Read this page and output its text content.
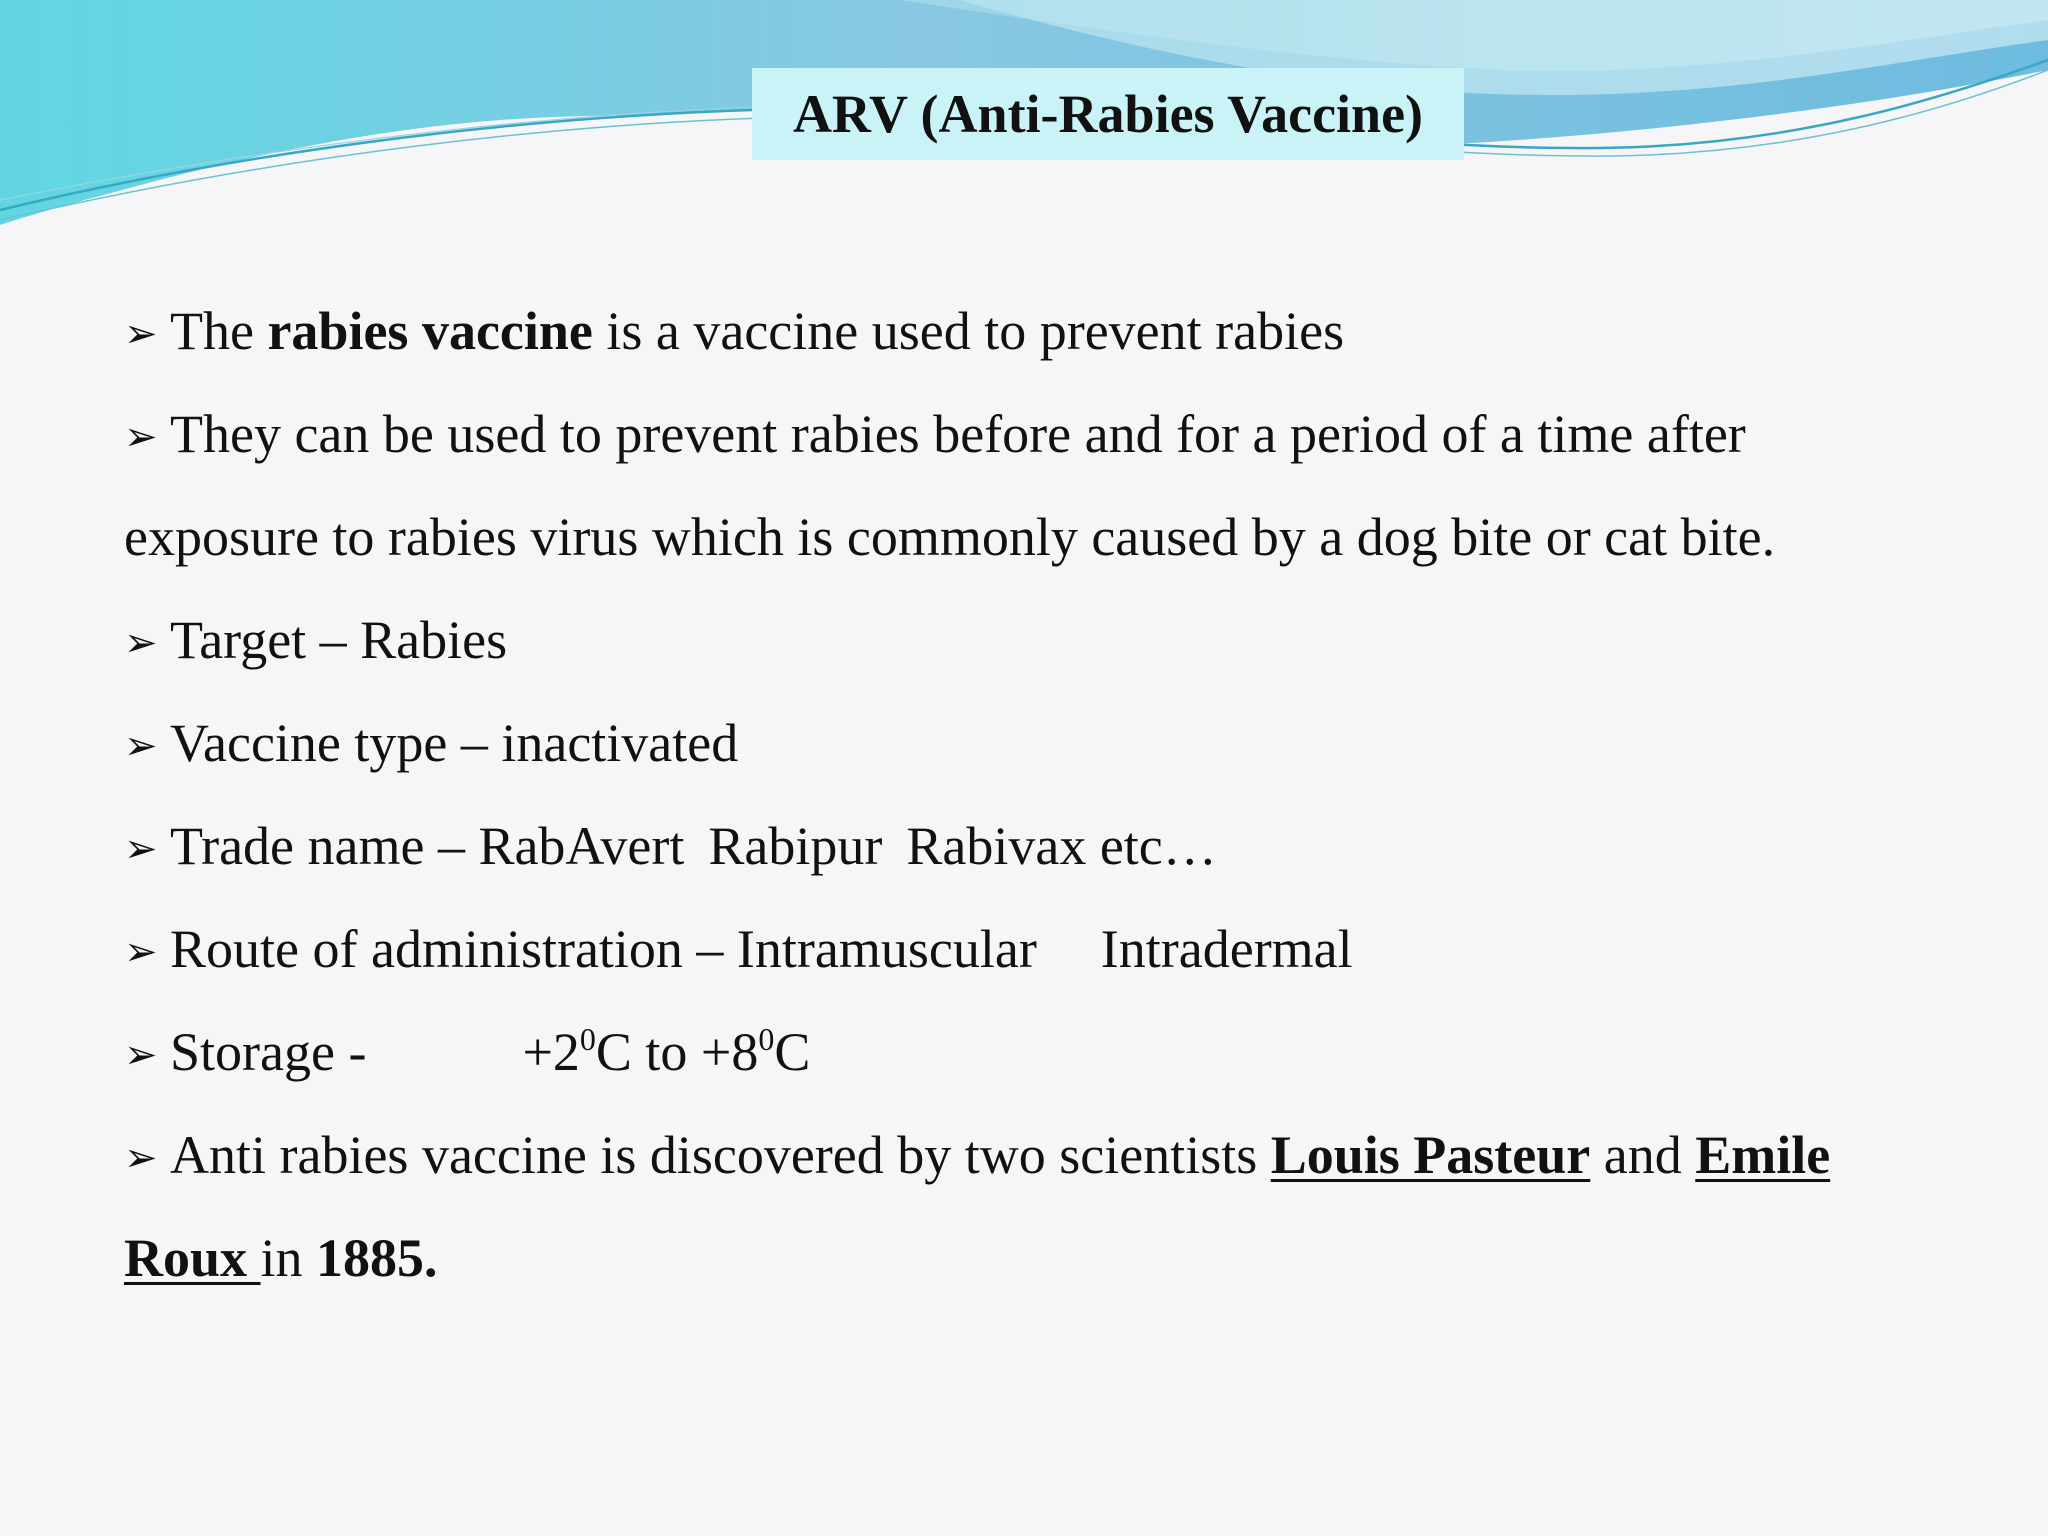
ARV (Anti-Rabies Vaccine)
➢ The rabies vaccine is a vaccine used to prevent rabies
➢ They can be used to prevent rabies before and for a period of a time after
exposure to rabies virus which is commonly caused by a dog bite or cat bite.
➢ Target – Rabies
➢ Vaccine type – inactivated
➢ Trade name – RabAvert Rabipur Rabivax etc…
➢ Route of administration – Intramuscular Intradermal
➢ Storage -	$+2^0C$ to $+8^0C$
➢ Anti rabies vaccine is discovered by two scientists Louis Pasteur and Emile
Roux in 1885.
